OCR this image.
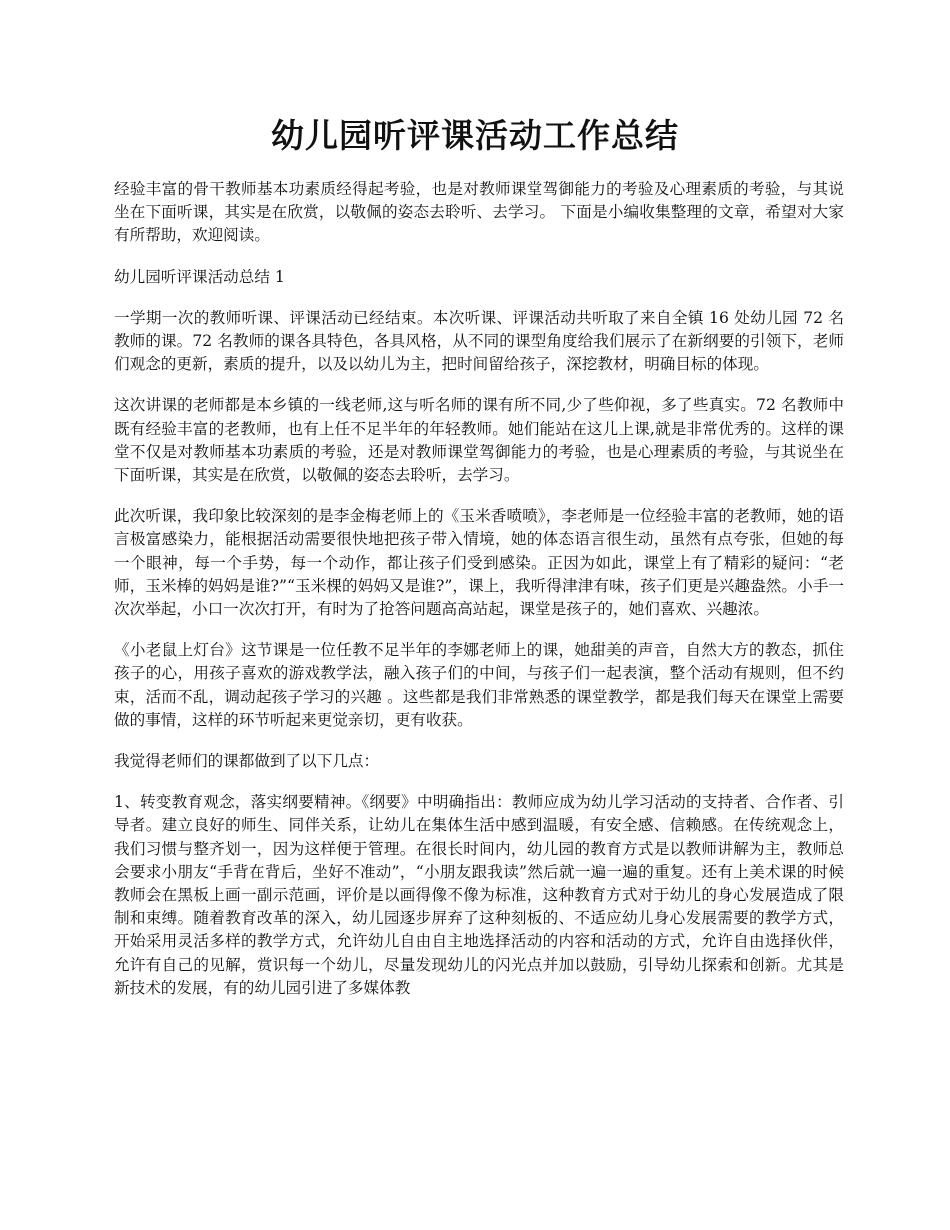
幼儿园听评课活动工作总结

经验丰富的骨干教师基本功素质经得起考验，也是对教师课堂驾御能力的考验及心理素质的考验，与其说坐在下面听课，其实是在欣赏，以敬佩的姿态去聆听、去学习。 下面是小编收集整理的文章，希望对大家有所帮助，欢迎阅读。

幼儿园听评课活动总结 1

一学期一次的教师听课、评课活动已经结束。本次听课、评课活动共听取了来自全镇 16 处幼儿园 72 名教师的课。72 名教师的课各具特色，各具风格，从不同的课型角度给我们展示了在新纲要的引领下，老师们观念的更新，素质的提升，以及以幼儿为主，把时间留给孩子，深挖教材，明确目标的体现。

这次讲课的老师都是本乡镇的一线老师,这与听名师的课有所不同,少了些仰视，多了些真实。72 名教师中既有经验丰富的老教师，也有上任不足半年的年轻教师。她们能站在这儿上课,就是非常优秀的。这样的课堂不仅是对教师基本功素质的考验，还是对教师课堂驾御能力的考验，也是心理素质的考验，与其说坐在下面听课，其实是在欣赏，以敬佩的姿态去聆听，去学习。

此次听课，我印象比较深刻的是李金梅老师上的《玉米香喷喷》，李老师是一位经验丰富的老教师，她的语言极富感染力，能根据活动需要很快地把孩子带入情境，她的体态语言很生动，虽然有点夸张，但她的每一个眼神，每一个手势，每一个动作，都让孩子们受到感染。正因为如此，课堂上有了精彩的疑问：“老师，玉米棒的妈妈是谁?”“玉米棵的妈妈又是谁?”，课上，我听得津津有味，孩子们更是兴趣盎然。小手一次次举起，小口一次次打开，有时为了抢答问题高高站起，课堂是孩子的，她们喜欢、兴趣浓。

《小老鼠上灯台》这节课是一位任教不足半年的李娜老师上的课，她甜美的声音，自然大方的教态，抓住孩子的心，用孩子喜欢的游戏教学法，融入孩子们的中间，与孩子们一起表演，整个活动有规则，但不约束，活而不乱，调动起孩子学习的兴趣 。这些都是我们非常熟悉的课堂教学，都是我们每天在课堂上需要做的事情，这样的环节听起来更觉亲切，更有收获。

我觉得老师们的课都做到了以下几点：

1、转变教育观念，落实纲要精神。《纲要》中明确指出：教师应成为幼儿学习活动的支持者、合作者、引导者。建立良好的师生、同伴关系，让幼儿在集体生活中感到温暖，有安全感、信赖感。在传统观念上，我们习惯与整齐划一，因为这样便于管理。在很长时间内，幼儿园的教育方式是以教师讲解为主，教师总会要求小朋友“手背在背后，坐好不准动”，“小朋友跟我读”然后就一遍一遍的重复。还有上美术课的时候教师会在黑板上画一副示范画，评价是以画得像不像为标准，这种教育方式对于幼儿的身心发展造成了限制和束缚。随着教育改革的深入，幼儿园逐步屏弃了这种刻板的、不适应幼儿身心发展需要的教学方式，开始采用灵活多样的教学方式，允许幼儿自由自主地选择活动的内容和活动的方式，允许自由选择伙伴，允许有自己的见解，赏识每一个幼儿，尽量发现幼儿的闪光点并加以鼓励，引导幼儿探索和创新。尤其是新技术的发展，有的幼儿园引进了多媒体教
